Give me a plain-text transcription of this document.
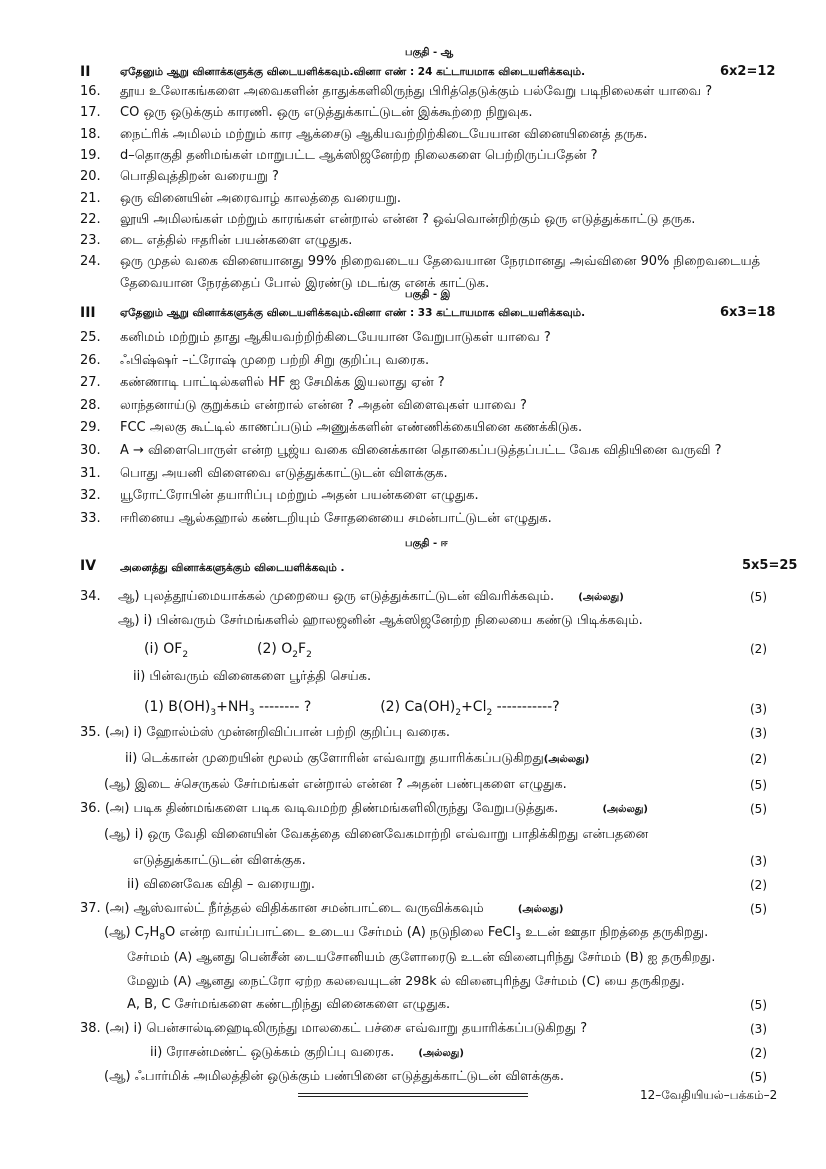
பகுதி - ஆ
II	ஏதேனும் ஆறு வினாக்களுக்கு விடையளிக்கவும்.வினா எண் : 24 கட்டாயமாக விடையளிக்கவும்.	6x2=12
16. தூய உலோகங்களை அவைகளின் தாதுக்களிலிருந்து பிரித்தெடுக்கும் பல்வேறு படிநிலைகள் யாவை ?
17. CO ஒரு ஒடுக்கும் காரணி. ஒரு எடுத்துக்காட்டுடன் இக்கூற்றை நிறுவுக.
18. நைட்ரிக் அமிலம் மற்றும் கார ஆக்சைடு ஆகியவற்றிற்கிடையேயான வினையினைத் தருக.
19. d–தொகுதி தனிமங்கள் மாறுபட்ட ஆக்ஸிஜனேற்ற நிலைகளை பெற்றிருப்பதேன் ?
20. பொதிவுத்திறன் வரையறு ?
21. ஒரு வினையின் அரைவாழ் காலத்தை வரையறு.
22. லூயி அமிலங்கள் மற்றும் காரங்கள் என்றால் என்ன ? ஒவ்வொன்றிற்கும் ஒரு எடுத்துக்காட்டு தருக.
23. டை எத்தில் ஈதரின் பயன்களை எழுதுக.
24. ஒரு முதல் வகை வினையானது 99% நிறைவடைய தேவையான நேரமானது அவ்வினை 90% நிறைவடையத்
தேவையான நேரத்தைப் போல் இரண்டு மடங்கு எனக் காட்டுக.
பகுதி - இ
III ஏதேனும் ஆறு வினாக்களுக்கு விடையளிக்கவும்.வினா எண் : 33 கட்டாயமாக விடையளிக்கவும்.	6x3=18
25. கனிமம் மற்றும் தாது ஆகியவற்றிற்கிடையேயான வேறுபாடுகள் யாவை ?
26. ஃபிஷ்ஷர் –ட்ரோஷ் முறை பற்றி சிறு குறிப்பு வரைக.
27. கண்ணாடி பாட்டில்களில் HF ஐ சேமிக்க இயலாது ஏன் ?
28. லாந்தனாய்டு குறுக்கம் என்றால் என்ன ? அதன் விளைவுகள் யாவை ?
29. FCC அலகு கூட்டில் காணப்படும் அணுக்களின் எண்ணிக்கையினை கணக்கிடுக.
30. A → விளைபொருள் என்ற பூஜ்ய வகை வினைக்கான தொகைப்படுத்தப்பட்ட வேக விதியினை வருவி ?
31. பொது அயனி விளைவை எடுத்துக்காட்டுடன் விளக்குக.
32. யூரோட்ரோபின் தயாரிப்பு மற்றும் அதன் பயன்களை எழுதுக.
33. ஈரினைய ஆல்கஹால் கண்டறியும் சோதனையை சமன்பாட்டுடன் எழுதுக.
பகுதி - ஈ
IV அனைத்து வினாக்களுக்கும் விடையளிக்கவும் .	5x5=25
34. ஆ) புலத்தூய்மையாக்கல் முறையை ஒரு எடுத்துக்காட்டுடன் விவரிக்கவும். (அல்லது)	(5)
ஆ) i) பின்வரும் சேர்மங்களில் ஹாலஜனின் ஆக்ஸிஜனேற்ற நிலையை கண்டு பிடிக்கவும்.
(i) $OF_2$	(2) $O_2F_2$	(2)
ii) பின்வரும் வினைகளை பூர்த்தி செய்க.
(1) $B(OH)_3+NH_3$ -------- ?	(2) $Ca(OH)_2+Cl_2$ -----------?	(3)
35. (அ) i) ஹோல்ம்ஸ் முன்னறிவிப்பான் பற்றி குறிப்பு வரைக.	(3)
ii) டெக்கான் முறையின் மூலம் குளோரின் எவ்வாறு தயாரிக்கப்படுகிறது(அல்லது)	(2)
(ஆ) இடை ச்செருகல் சேர்மங்கள் என்றால் என்ன ? அதன் பண்புகளை எழுதுக.	(5)
36. (அ) படிக திண்மங்களை படிக வடிவமற்ற திண்மங்களிலிருந்து வேறுபடுத்துக.	(அல்லது)	(5)
(ஆ) i) ஒரு வேதி வினையின் வேகத்தை வினைவேகமாற்றி எவ்வாறு பாதிக்கிறது என்பதனை
எடுத்துக்காட்டுடன் விளக்குக.	(3)
ii) வினைவேக விதி – வரையறு.	(2)
37. (அ) ஆஸ்வால்ட் நீர்த்தல் விதிக்கான சமன்பாட்டை வருவிக்கவும்	(அல்லது)	(5)
(ஆ) $C_7H_8O$ என்ற வாய்ப்பாட்டை உடைய சேர்மம் (A) நடுநிலை FeCl$_3$ உடன் ஊதா நிறத்தை தருகிறது.
சேர்மம் (A) ஆனது பென்சீன் டையசோனியம் குளோரைடு உடன் வினைபுரிந்து சேர்மம் (B) ஐ தருகிறது.
மேலும் (A) ஆனது நைட்ரோ ஏற்ற கலவையுடன் 298k ல் வினைபுரிந்து சேர்மம் (C) யை தருகிறது.
A, B, C சேர்மங்களை கண்டறிந்து வினைகளை எழுதுக.	(5)
38. (அ) i) பென்சால்டிஹைடிலிருந்து மாலகைட் பச்சை எவ்வாறு தயாரிக்கப்படுகிறது ?	(3)
ii) ரோசன்மண்ட் ஒடுக்கம் குறிப்பு வரைக. (அல்லது)	(2)
(ஆ) ஃபார்மிக் அமிலத்தின் ஒடுக்கும் பண்பினை எடுத்துக்காட்டுடன் விளக்குக.	(5)
12–வேதியியல்–பக்கம்–2
